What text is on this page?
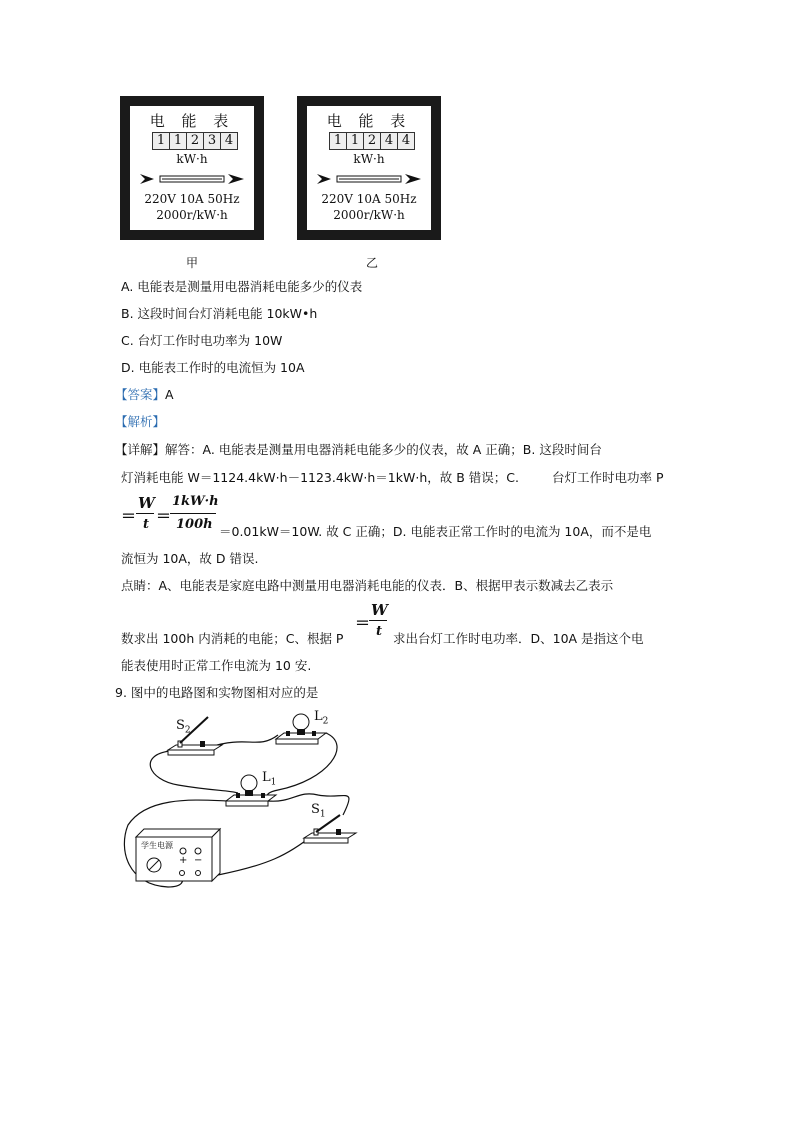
电 能 表
1 1 2 3 4
kW·h
220V 10A 50Hz
2000r/kW·h
甲
电 能 表
1 1 2 4 4
kW·h
220V 10A 50Hz
2000r/kW·h
乙
A. 电能表是测量用电器消耗电能多少的仪表
B. 这段时间台灯消耗电能 10kW•h
C. 台灯工作时电功率为 10W
D. 电能表工作时的电流恒为 10A
【答案】A
【解析】
【详解】解答：A. 电能表是测量用电器消耗电能多少的仪表，故 A 正确；B. 这段时间台
灯消耗电能 W＝1124.4kW·h－1123.4kW·h＝1kW·h，故 B 错误；C.	台灯工作时电功率 P
＝
W
t ＝
1kW·h
100h ＝0.01kW＝10W. 故 C 正确；D. 电能表正常工作时的电流为 10A，而不是电
流恒为 10A，故 D 错误.
点睛：A、电能表是家庭电路中测量用电器消耗电能的仪表．B、根据甲表示数减去乙表示
＝
W
t
数求出 100h 内消耗的电能；C、根据 P	求出台灯工作时电功率．D、10A 是指这个电
能表使用时正常工作电流为 10 安.
9. 图中的电路图和实物图相对应的是
$S_2$
$L_2$
$L_1$
$S_1$
学生电源
+ −
